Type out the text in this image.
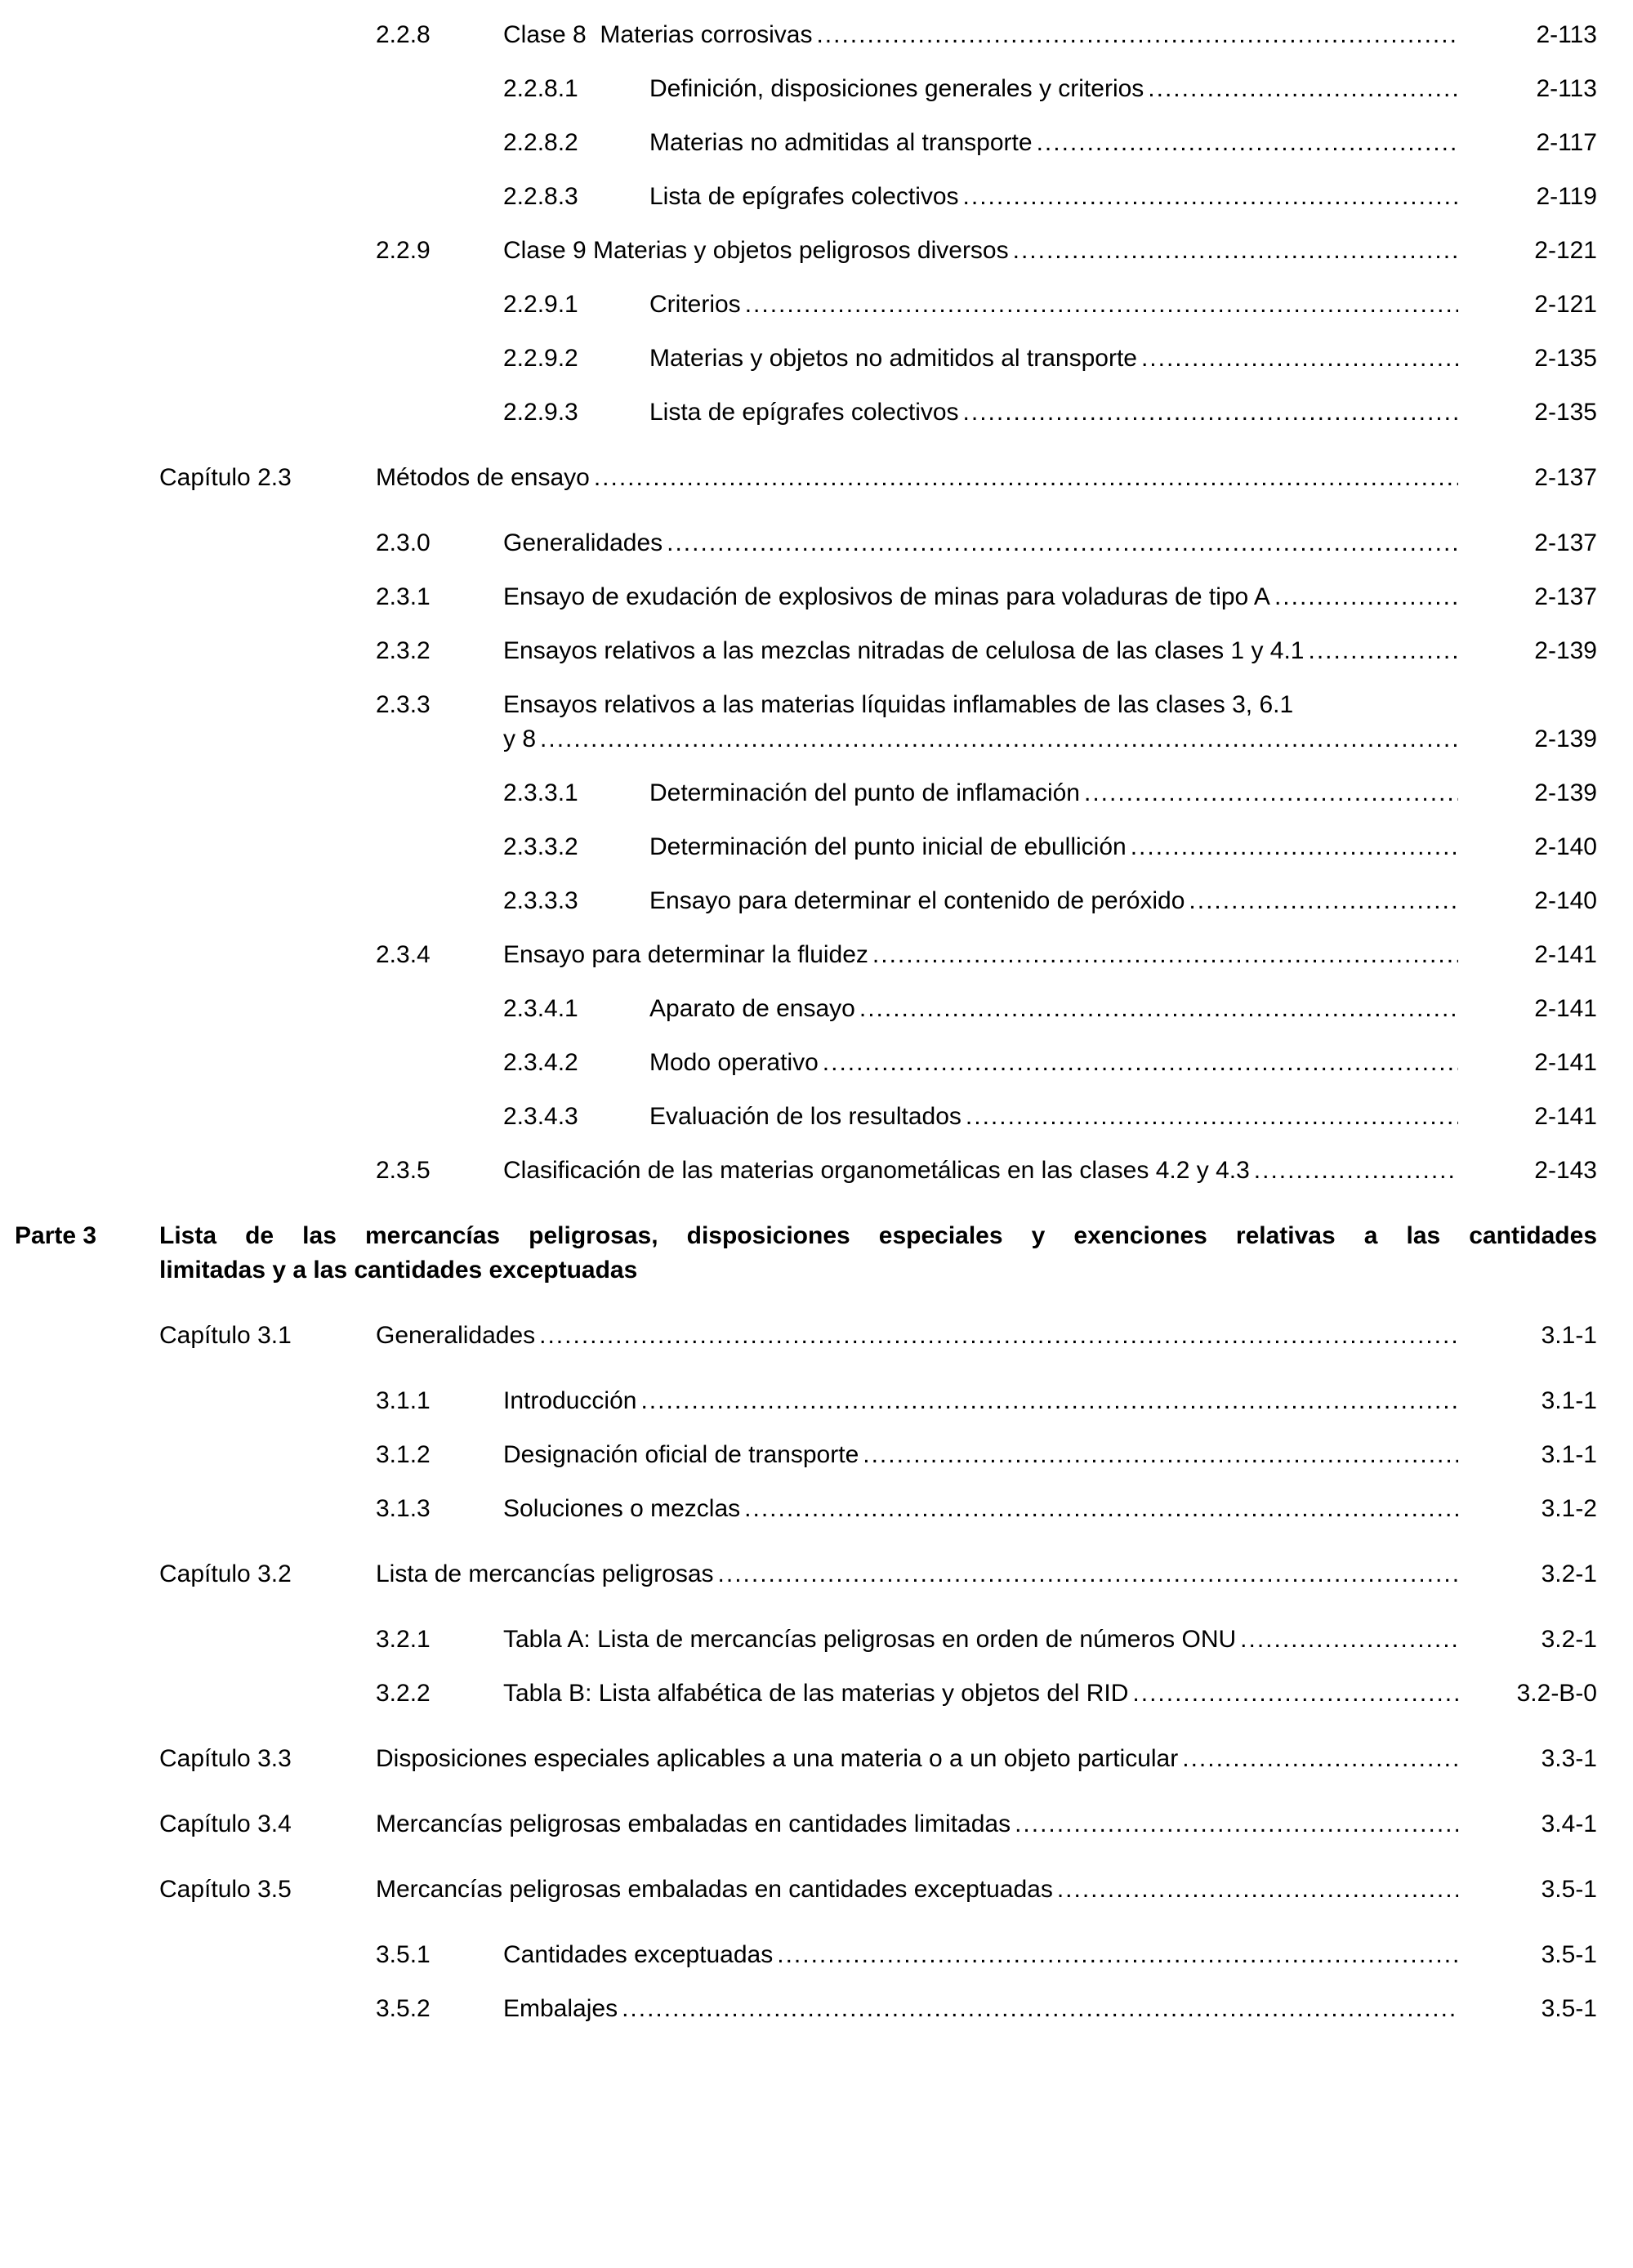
2.2.8	Clase 8  Materias corrosivas .....	2-113
2.2.8.1	Definición, disposiciones generales y criterios .....	2-113
2.2.8.2	Materias no admitidas al transporte .....	2-117
2.2.8.3	Lista de epígrafes colectivos .....	2-119
2.2.9	Clase 9 Materias y objetos peligrosos diversos .....	2-121
2.2.9.1	Criterios .....	2-121
2.2.9.2	Materias y objetos no admitidos al transporte .....	2-135
2.2.9.3	Lista de epígrafes colectivos .....	2-135
Capítulo 2.3	Métodos de ensayo .....	2-137
2.3.0	Generalidades .....	2-137
2.3.1	Ensayo de exudación de explosivos de minas para voladuras de tipo A .....	2-137
2.3.2	Ensayos relativos a las mezclas nitradas de celulosa de las clases 1 y 4.1 .....	2-139
2.3.3	Ensayos relativos a las materias líquidas inflamables de las clases 3, 6.1
y 8 .....	2-139
2.3.3.1	Determinación del punto de inflamación .....	2-139
2.3.3.2	Determinación del punto inicial de ebullición .....	2-140
2.3.3.3	Ensayo para determinar el contenido de peróxido .....	2-140
2.3.4	Ensayo para determinar la fluidez .....	2-141
2.3.4.1	Aparato de ensayo .....	2-141
2.3.4.2	Modo operativo .....	2-141
2.3.4.3	Evaluación de los resultados .....	2-141
2.3.5	Clasificación de las materias organometálicas en las clases 4.2 y 4.3 .....	2-143
Parte 3	Lista de las mercancías peligrosas, disposiciones especiales y exenciones relativas a las cantidades
limitadas y a las cantidades exceptuadas
Capítulo 3.1	Generalidades .....	3.1-1
3.1.1	Introducción .....	3.1-1
3.1.2	Designación oficial de transporte .....	3.1-1
3.1.3	Soluciones o mezclas .....	3.1-2
Capítulo 3.2	Lista de mercancías peligrosas .....	3.2-1
3.2.1	Tabla A: Lista de mercancías peligrosas en orden de números ONU .....	3.2-1
3.2.2	Tabla B: Lista alfabética de las materias y objetos del RID .....	3.2-B-0
Capítulo 3.3	Disposiciones especiales aplicables a una materia o a un objeto particular .....	3.3-1
Capítulo 3.4	Mercancías peligrosas embaladas en cantidades limitadas .....	3.4-1
Capítulo 3.5	Mercancías peligrosas embaladas en cantidades exceptuadas .....	3.5-1
3.5.1	Cantidades exceptuadas .....	3.5-1
3.5.2	Embalajes .....	3.5-1
